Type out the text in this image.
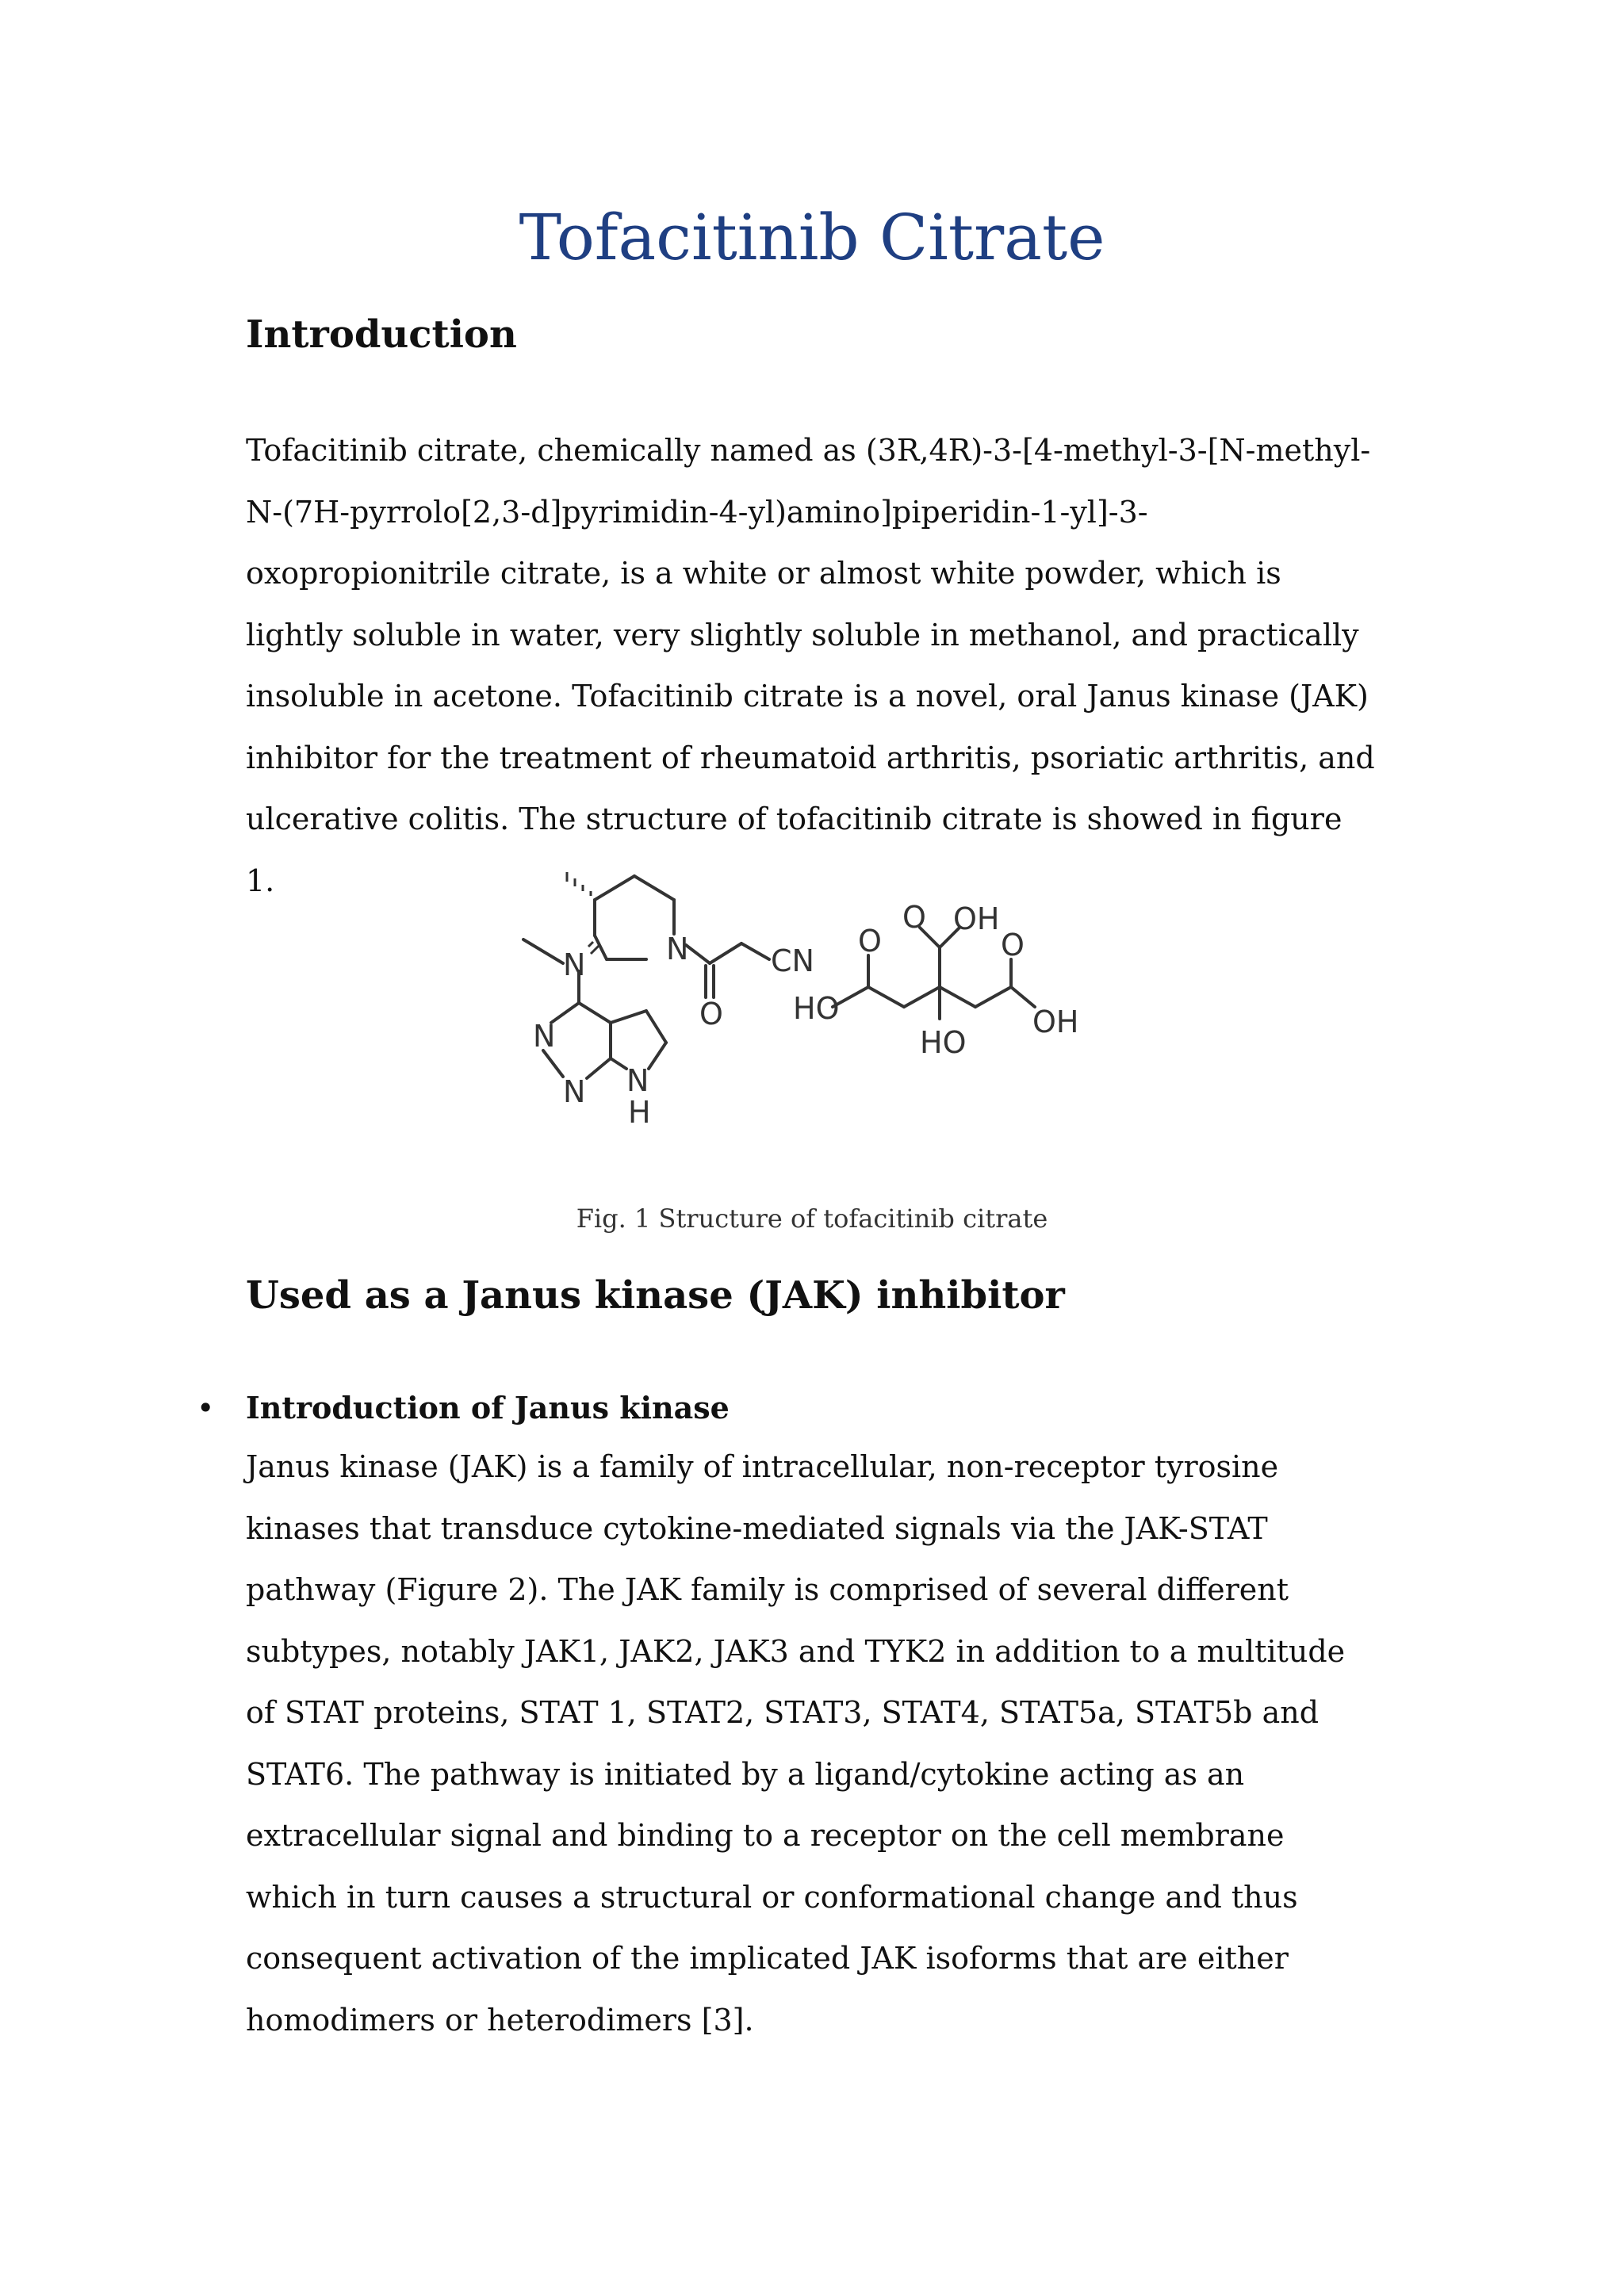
Tofacitinib Citrate
Introduction

Tofacitinib citrate, chemically named as (3R,4R)-3-[4-methyl-3-[N-methyl-N-(7H-pyrrolo[2,3-d]pyrimidin-4-yl)amino]piperidin-1-yl]-3-oxopropionitrile citrate, is a white or almost white powder, which is lightly soluble in water, very slightly soluble in methanol, and practically insoluble in acetone. Tofacitinib citrate is a novel, oral Janus kinase (JAK) inhibitor for the treatment of rheumatoid arthritis, psoriatic arthritis, and ulcerative colitis. The structure of tofacitinib citrate is showed in figure 1.

N	N	CN
O
N
N N
H
O
O OH
O
HO
HO
OH

Fig. 1 Structure of tofacitinib citrate

Used as a Janus kinase (JAK) inhibitor

• Introduction of Janus kinase

Janus kinase (JAK) is a family of intracellular, non-receptor tyrosine kinases that transduce cytokine-mediated signals via the JAK-STAT pathway (Figure 2). The JAK family is comprised of several different subtypes, notably JAK1, JAK2, JAK3 and TYK2 in addition to a multitude of STAT proteins, STAT 1, STAT2, STAT3, STAT4, STAT5a, STAT5b and STAT6. The pathway is initiated by a ligand/cytokine acting as an extracellular signal and binding to a receptor on the cell membrane which in turn causes a structural or conformational change and thus consequent activation of the implicated JAK isoforms that are either homodimers or heterodimers [3].
